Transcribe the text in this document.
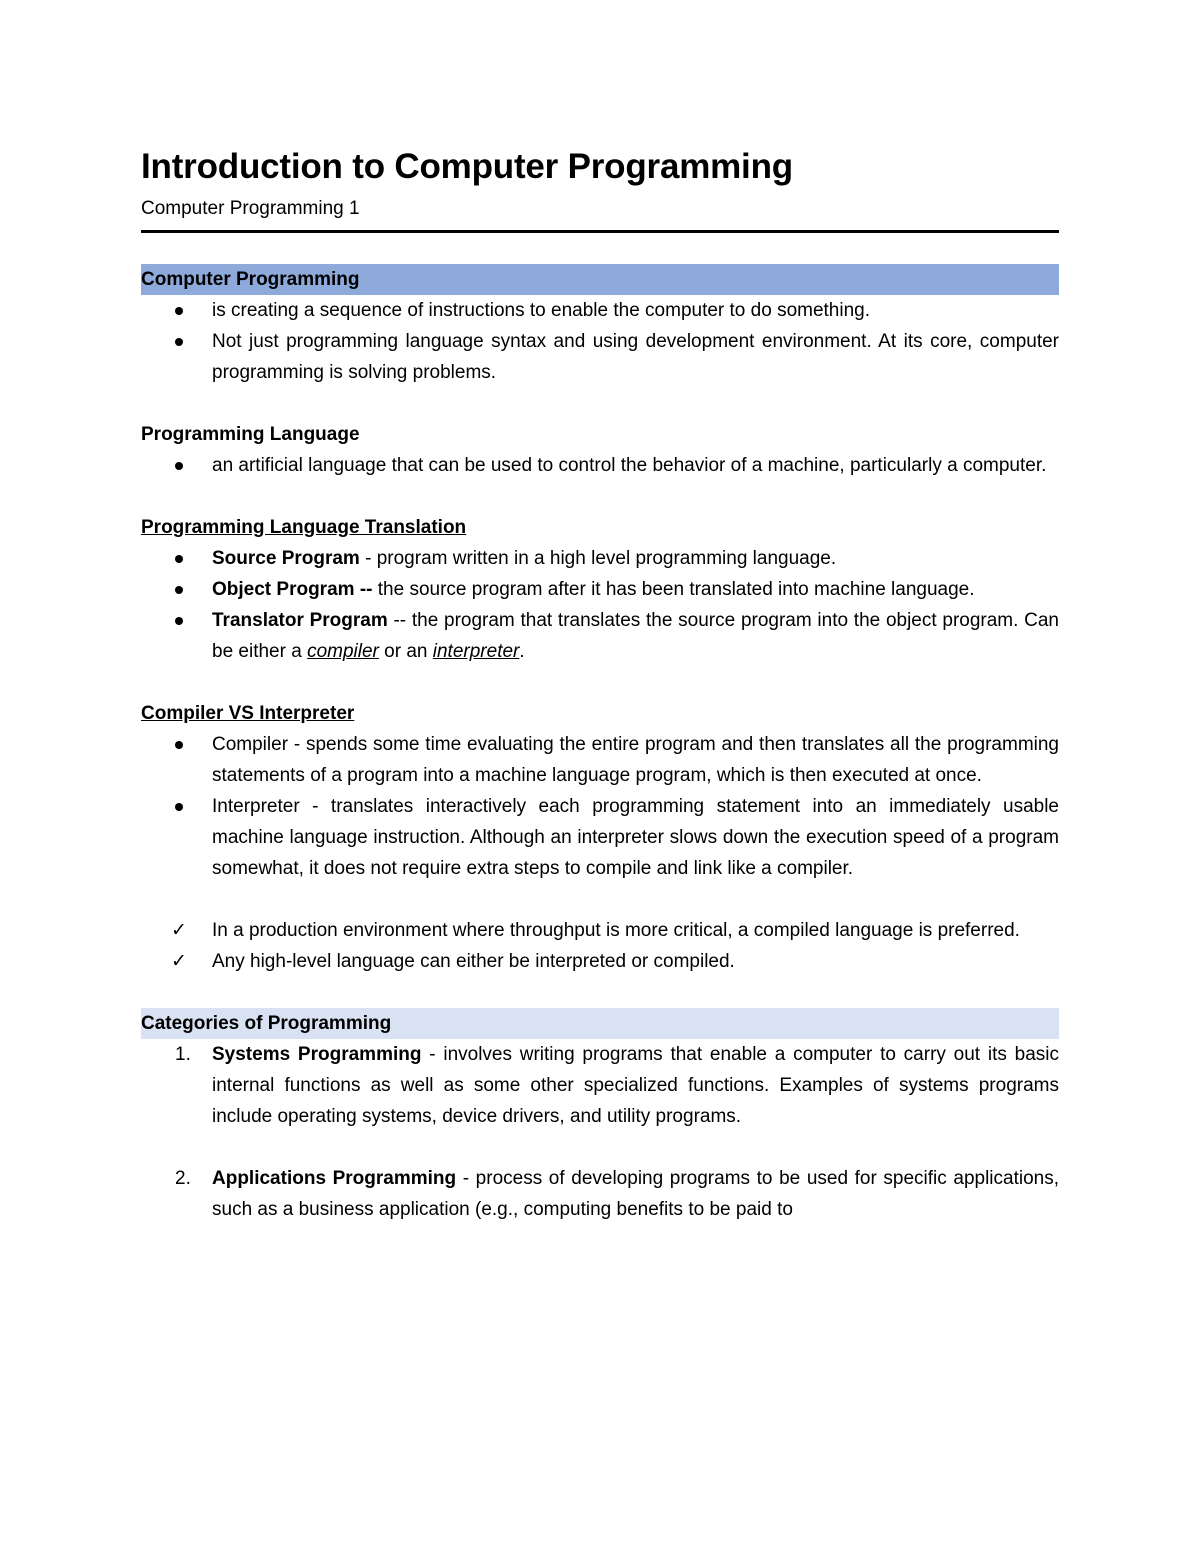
Introduction to Computer Programming
Computer Programming 1
Computer Programming
is creating a sequence of instructions to enable the computer to do something.
Not just programming language syntax and using development environment. At its core, computer programming is solving problems.
Programming Language
an artificial language that can be used to control the behavior of a machine, particularly a computer.
Programming Language Translation
Source Program - program written in a high level programming language.
Object Program -- the source program after it has been translated into machine language.
Translator Program -- the program that translates the source program into the object program. Can be either a compiler or an interpreter.
Compiler VS Interpreter
Compiler - spends some time evaluating the entire program and then translates all the programming statements of a program into a machine language program, which is then executed at once.
Interpreter - translates interactively each programming statement into an immediately usable machine language instruction. Although an interpreter slows down the execution speed of a program somewhat, it does not require extra steps to compile and link like a compiler.
✓	In a production environment where throughput is more critical, a compiled language is preferred.
✓	Any high-level language can either be interpreted or compiled.
Categories of Programming
1. Systems Programming - involves writing programs that enable a computer to carry out its basic internal functions as well as some other specialized functions. Examples of systems programs include operating systems, device drivers, and utility programs.
2. Applications Programming - process of developing programs to be used for specific applications, such as a business application (e.g., computing benefits to be paid to
